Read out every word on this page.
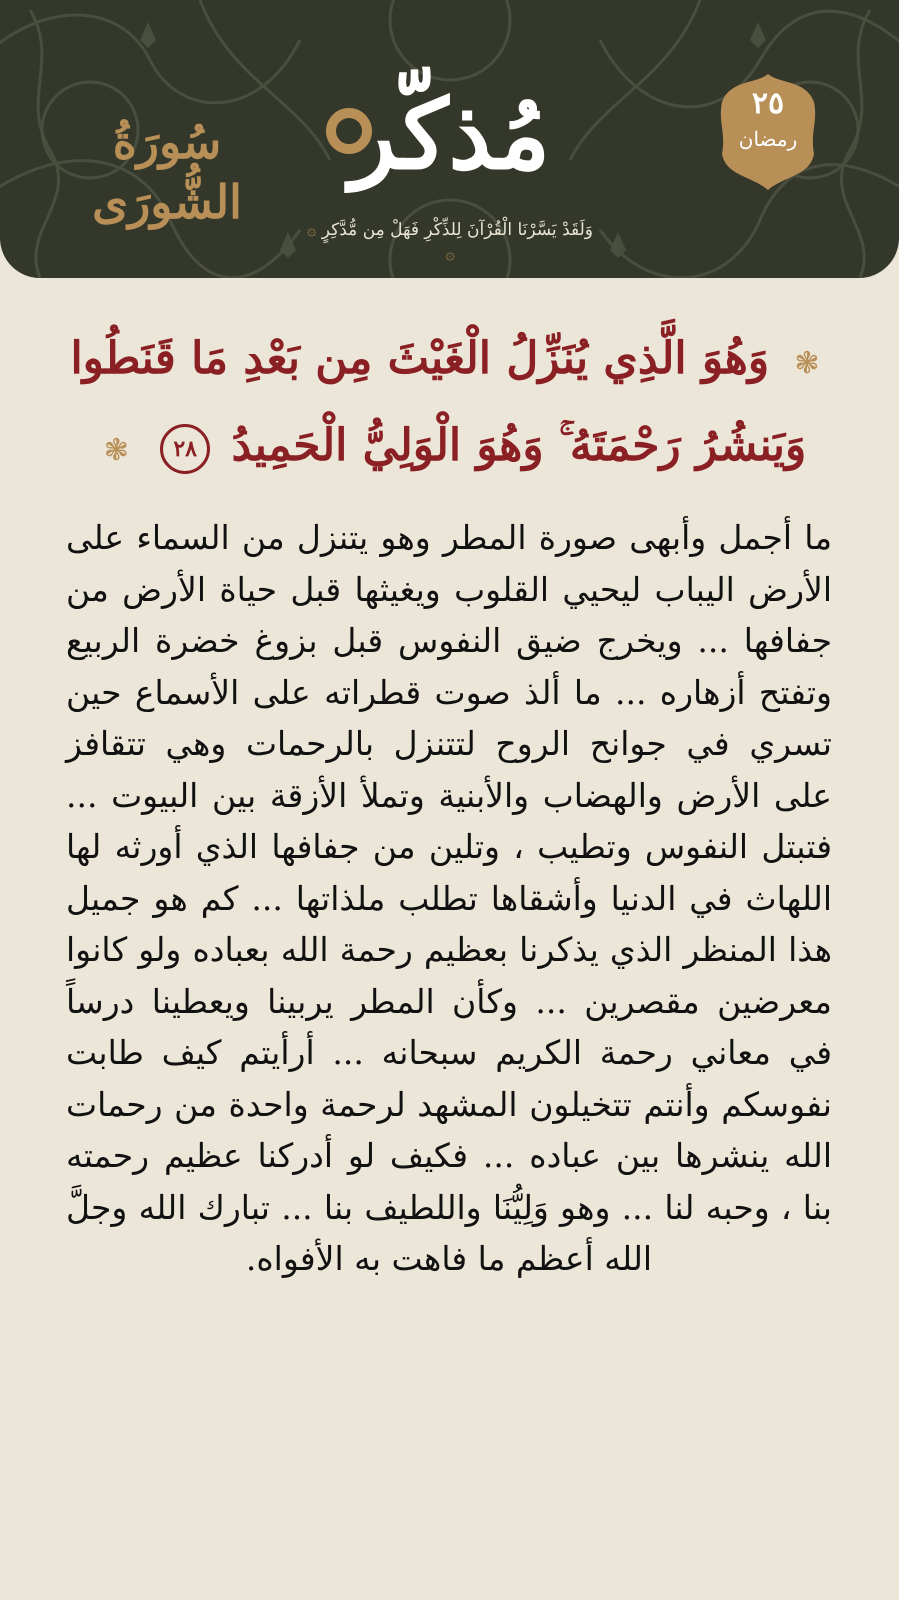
سُورَةُ الشُّورَى
مُذكّر
۞ وَلَقَدْ يَسَّرْنَا الْقُرْآنَ لِلذِّكْرِ فَهَلْ مِن مُّدَّكِرٍ ۞
٢٥
رمضان
❃ وَهُوَ الَّذِي يُنَزِّلُ الْغَيْثَ مِن بَعْدِ مَا قَنَطُوا وَيَنشُرُ رَحْمَتَهُ ۚ وَهُوَ الْوَلِيُّ الْحَمِيدُ ٢٨ ❃
ما أجمل وأبهى صورة المطر وهو يتنزل من السماء على الأرض اليباب ليحيي القلوب ويغيثها قبل حياة الأرض من جفافها ... ويخرج ضيق النفوس قبل بزوغ خضرة الربيع وتفتح أزهاره ... ما ألذ صوت قطراته على الأسماع حين تسري في جوانح الروح لتتنزل بالرحمات وهي تتقافز على الأرض والهضاب والأبنية وتملأ الأزقة بين البيوت ... فتبتل النفوس وتطيب ، وتلين من جفافها الذي أورثه لها اللهاث في الدنيا وأشقاها تطلب ملذاتها ... كم هو جميل هذا المنظر الذي يذكرنا بعظيم رحمة الله بعباده ولو كانوا معرضين مقصرين ... وكأن المطر يربينا ويعطينا درساً في معاني رحمة الكريم سبحانه ... أرأيتم كيف طابت نفوسكم وأنتم تتخيلون المشهد لرحمة واحدة من رحمات الله ينشرها بين عباده ... فكيف لو أدركنا عظيم رحمته بنا ، وحبه لنا ... وهو وَلِيُّنَا واللطيف بنا ... تبارك الله وجلَّ الله أعظم ما فاهت به الأفواه.
